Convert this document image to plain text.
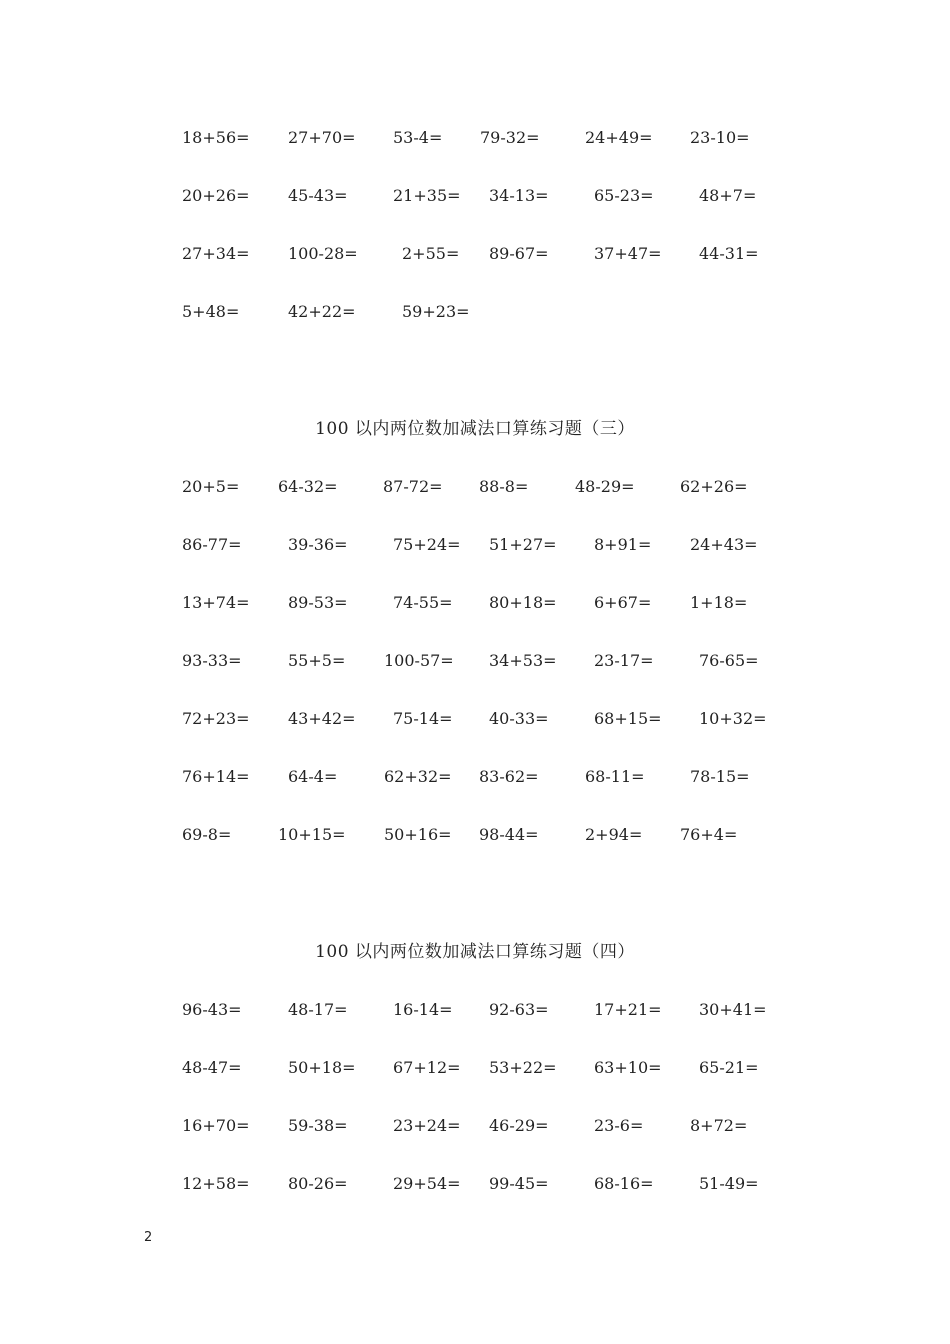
18+56= 27+70= 53-4= 79-32=	24+49= 23-10=
20+26= 45-43=	21+35= 34-13=	65-23=	48+7=
27+34= 100-28=	2+55= 89-67=	37+47= 44-31=
5+48=	42+22=	59+23=
100 以内两位数加减法口算练习题（三）
20+5= 64-32=	87-72= 88-8=	48-29=	62+26=
86-77=	39-36=	75+24= 51+27= 8+91= 24+43=
13+74= 89-53=	74-55= 80+18= 6+67= 1+18=
93-33=	55+5= 100-57= 34+53= 23-17=	76-65=
72+23= 43+42= 75-14= 40-33=	68+15= 10+32=
76+14= 64-4=	62+32= 83-62=	68-11=	78-15=
69-8=	10+15= 50+16= 98-44=	2+94= 76+4=
100 以内两位数加减法口算练习题（四）
96-43=	48-17=	16-14= 92-63=	17+21= 30+41=
48-47=	50+18= 67+12= 53+22= 63+10= 65-21=
16+70= 59-38=	23+24= 46-29=	23-6=	8+72=
12+58= 80-26=	29+54= 99-45=	68-16=	51-49=
2
